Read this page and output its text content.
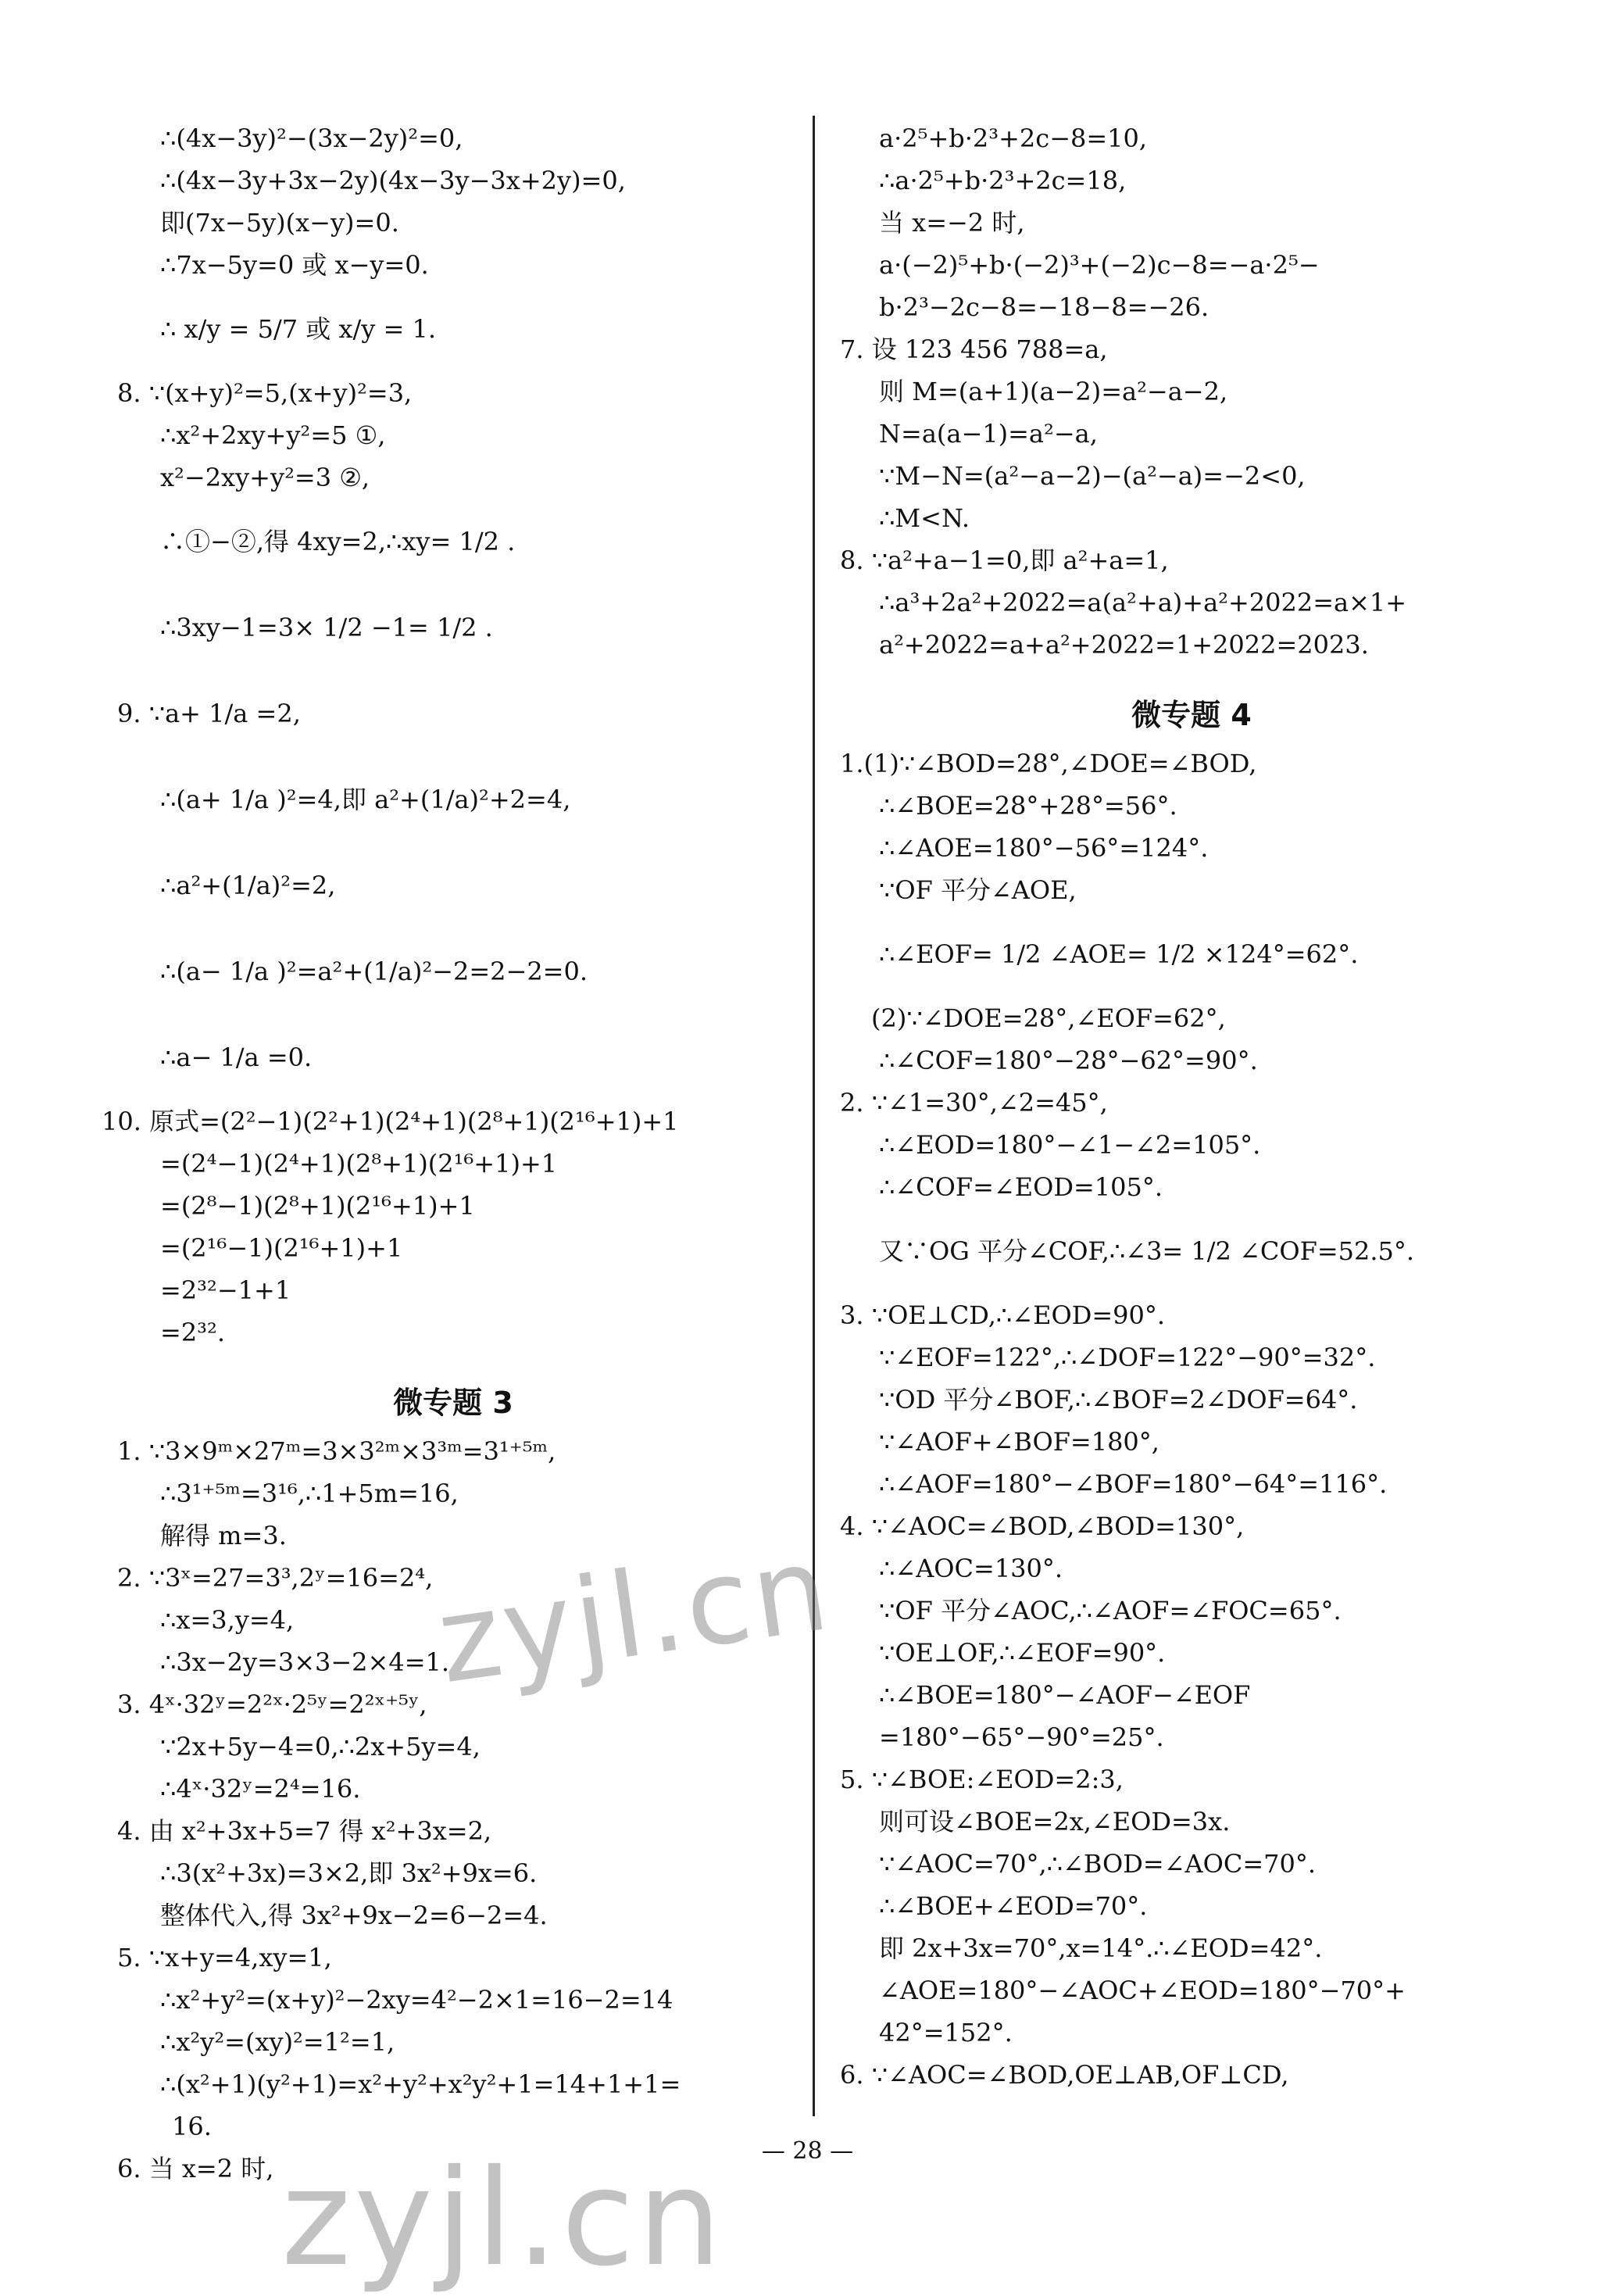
∴(4x−3y)²−(3x−2y)²=0,
∴(4x−3y+3x−2y)(4x−3y−3x+2y)=0,
即(7x−5y)(x−y)=0.
∴7x−5y=0 或 x−y=0.
∴ x/y = 5/7 或 x/y = 1.
8. ∵(x+y)²=5,(x+y)²=3,
∴x²+2xy+y²=5 ①,
x²−2xy+y²=3 ②,
∴①−②,得 4xy=2,∴xy= 1/2 .
∴3xy−1=3× 1/2 −1= 1/2 .
9. ∵a+ 1/a =2,
∴(a+ 1/a )²=4,即 a²+(1/a)²+2=4,
∴a²+(1/a)²=2,
∴(a− 1/a )²=a²+(1/a)²−2=2−2=0.
∴a− 1/a =0.
10. 原式=(2²−1)(2²+1)(2⁴+1)(2⁸+1)(2¹⁶+1)+1
=(2⁴−1)(2⁴+1)(2⁸+1)(2¹⁶+1)+1
=(2⁸−1)(2⁸+1)(2¹⁶+1)+1
=(2¹⁶−1)(2¹⁶+1)+1
=2³²−1+1
=2³².
微专题 3
1. ∵3×9ᵐ×27ᵐ=3×3²ᵐ×3³ᵐ=3¹⁺⁵ᵐ,
∴3¹⁺⁵ᵐ=3¹⁶,∴1+5m=16,
解得 m=3.
2. ∵3ˣ=27=3³,2ʸ=16=2⁴,
∴x=3,y=4,
∴3x−2y=3×3−2×4=1.
3. 4ˣ·32ʸ=2²ˣ·2⁵ʸ=2²ˣ⁺⁵ʸ,
∵2x+5y−4=0,∴2x+5y=4,
∴4ˣ·32ʸ=2⁴=16.
4. 由 x²+3x+5=7 得 x²+3x=2,
∴3(x²+3x)=3×2,即 3x²+9x=6.
整体代入,得 3x²+9x−2=6−2=4.
5. ∵x+y=4,xy=1,
∴x²+y²=(x+y)²−2xy=4²−2×1=16−2=14
∴x²y²=(xy)²=1²=1,
∴(x²+1)(y²+1)=x²+y²+x²y²+1=14+1+1=
16.
6. 当 x=2 时,
a·2⁵+b·2³+2c−8=10,
∴a·2⁵+b·2³+2c=18,
当 x=−2 时,
a·(−2)⁵+b·(−2)³+(−2)c−8=−a·2⁵−
b·2³−2c−8=−18−8=−26.
7. 设 123 456 788=a,
则 M=(a+1)(a−2)=a²−a−2,
N=a(a−1)=a²−a,
∵M−N=(a²−a−2)−(a²−a)=−2<0,
∴M<N.
8. ∵a²+a−1=0,即 a²+a=1,
∴a³+2a²+2022=a(a²+a)+a²+2022=a×1+
a²+2022=a+a²+2022=1+2022=2023.
微专题 4
1.(1)∵∠BOD=28°,∠DOE=∠BOD,
∴∠BOE=28°+28°=56°.
∴∠AOE=180°−56°=124°.
∵OF 平分∠AOE,
∴∠EOF= 1/2 ∠AOE= 1/2 ×124°=62°.
(2)∵∠DOE=28°,∠EOF=62°,
∴∠COF=180°−28°−62°=90°.
2. ∵∠1=30°,∠2=45°,
∴∠EOD=180°−∠1−∠2=105°.
∴∠COF=∠EOD=105°.
又∵OG 平分∠COF,∴∠3= 1/2 ∠COF=52.5°.
3. ∵OE⊥CD,∴∠EOD=90°.
∵∠EOF=122°,∴∠DOF=122°−90°=32°.
∵OD 平分∠BOF,∴∠BOF=2∠DOF=64°.
∵∠AOF+∠BOF=180°,
∴∠AOF=180°−∠BOF=180°−64°=116°.
4. ∵∠AOC=∠BOD,∠BOD=130°,
∴∠AOC=130°.
∵OF 平分∠AOC,∴∠AOF=∠FOC=65°.
∵OE⊥OF,∴∠EOF=90°.
∴∠BOE=180°−∠AOF−∠EOF
=180°−65°−90°=25°.
5. ∵∠BOE:∠EOD=2:3,
则可设∠BOE=2x,∠EOD=3x.
∵∠AOC=70°,∴∠BOD=∠AOC=70°.
∴∠BOE+∠EOD=70°.
即 2x+3x=70°,x=14°.∴∠EOD=42°.
∠AOE=180°−∠AOC+∠EOD=180°−70°+
42°=152°.
6. ∵∠AOC=∠BOD,OE⊥AB,OF⊥CD,
zyjl.cn
zyjl.cn	— 28 —
